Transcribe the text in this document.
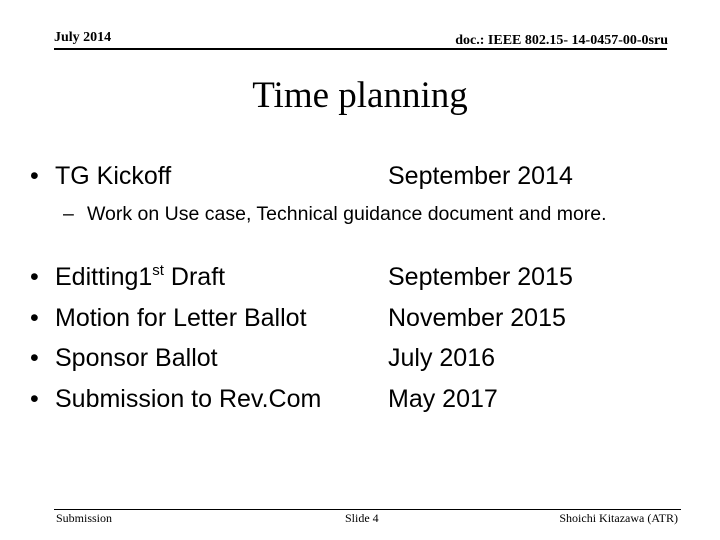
July 2014	doc.: IEEE 802.15- 14-0457-00-0sru
Time planning
• TG Kickoff	September 2014
– Work on Use case, Technical guidance document and more.
• Editting1st Draft	September 2015
• Motion for Letter Ballot	November 2015
• Sponsor Ballot	July 2016
• Submission to Rev.Com	May 2017
Submission	Slide 4	Shoichi Kitazawa (ATR)
